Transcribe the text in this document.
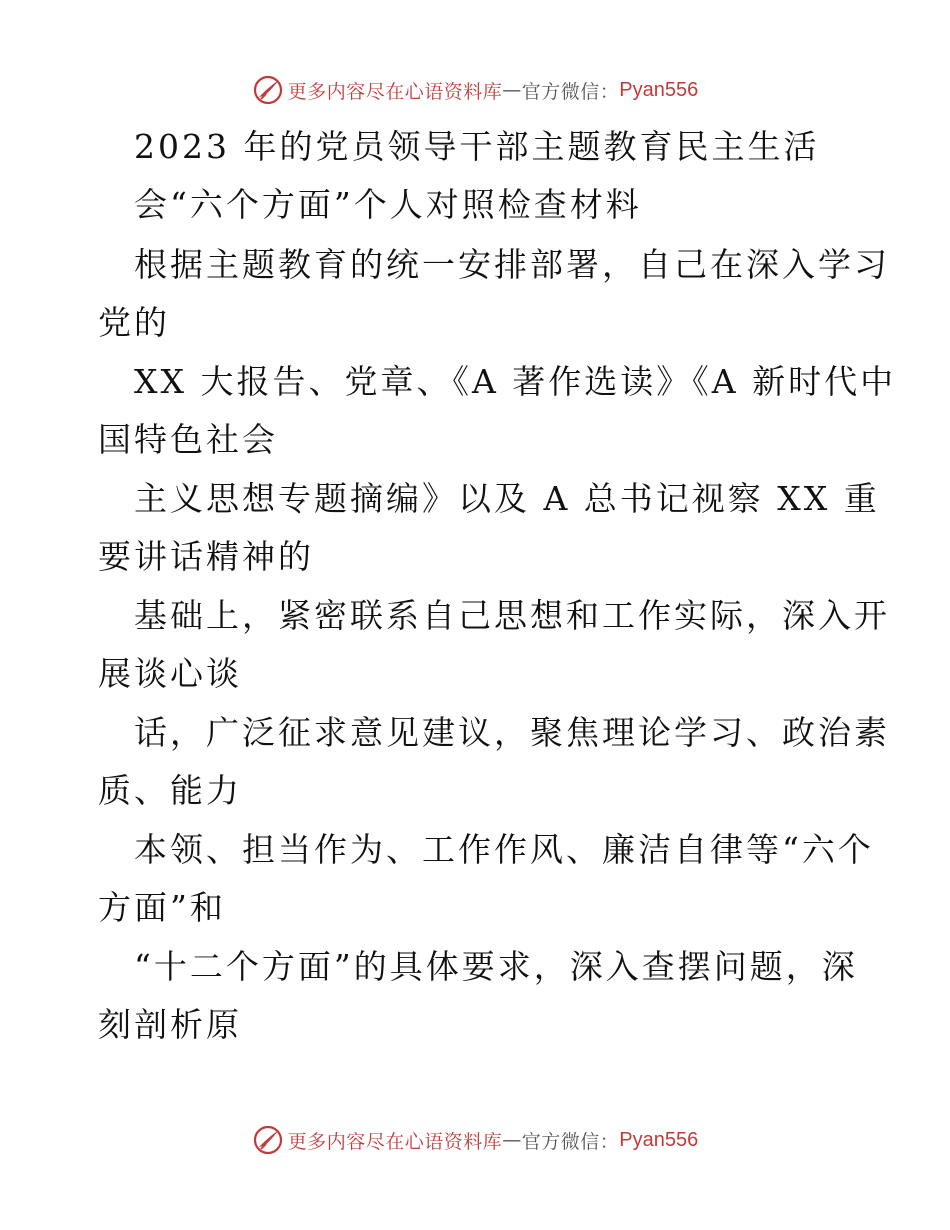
更多内容尽在心语资料库 — 官方微信： Pyan556
2023 年的党员领导干部主题教育民主生活
会“六个方面”个人对照检查材料
根据主题教育的统一安排部署，自己在深入学习
党的
XX 大报告、党章、《A 著作选读》《A 新时代中
国特色社会
主义思想专题摘编》以及 A 总书记视察 XX 重
要讲话精神的
基础上，紧密联系自己思想和工作实际，深入开
展谈心谈
话，广泛征求意见建议，聚焦理论学习、政治素
质、能力
本领、担当作为、工作作风、廉洁自律等“六个
方面”和
“十二个方面”的具体要求，深入查摆问题，深
刻剖析原
更多内容尽在心语资料库 — 官方微信： Pyan556
